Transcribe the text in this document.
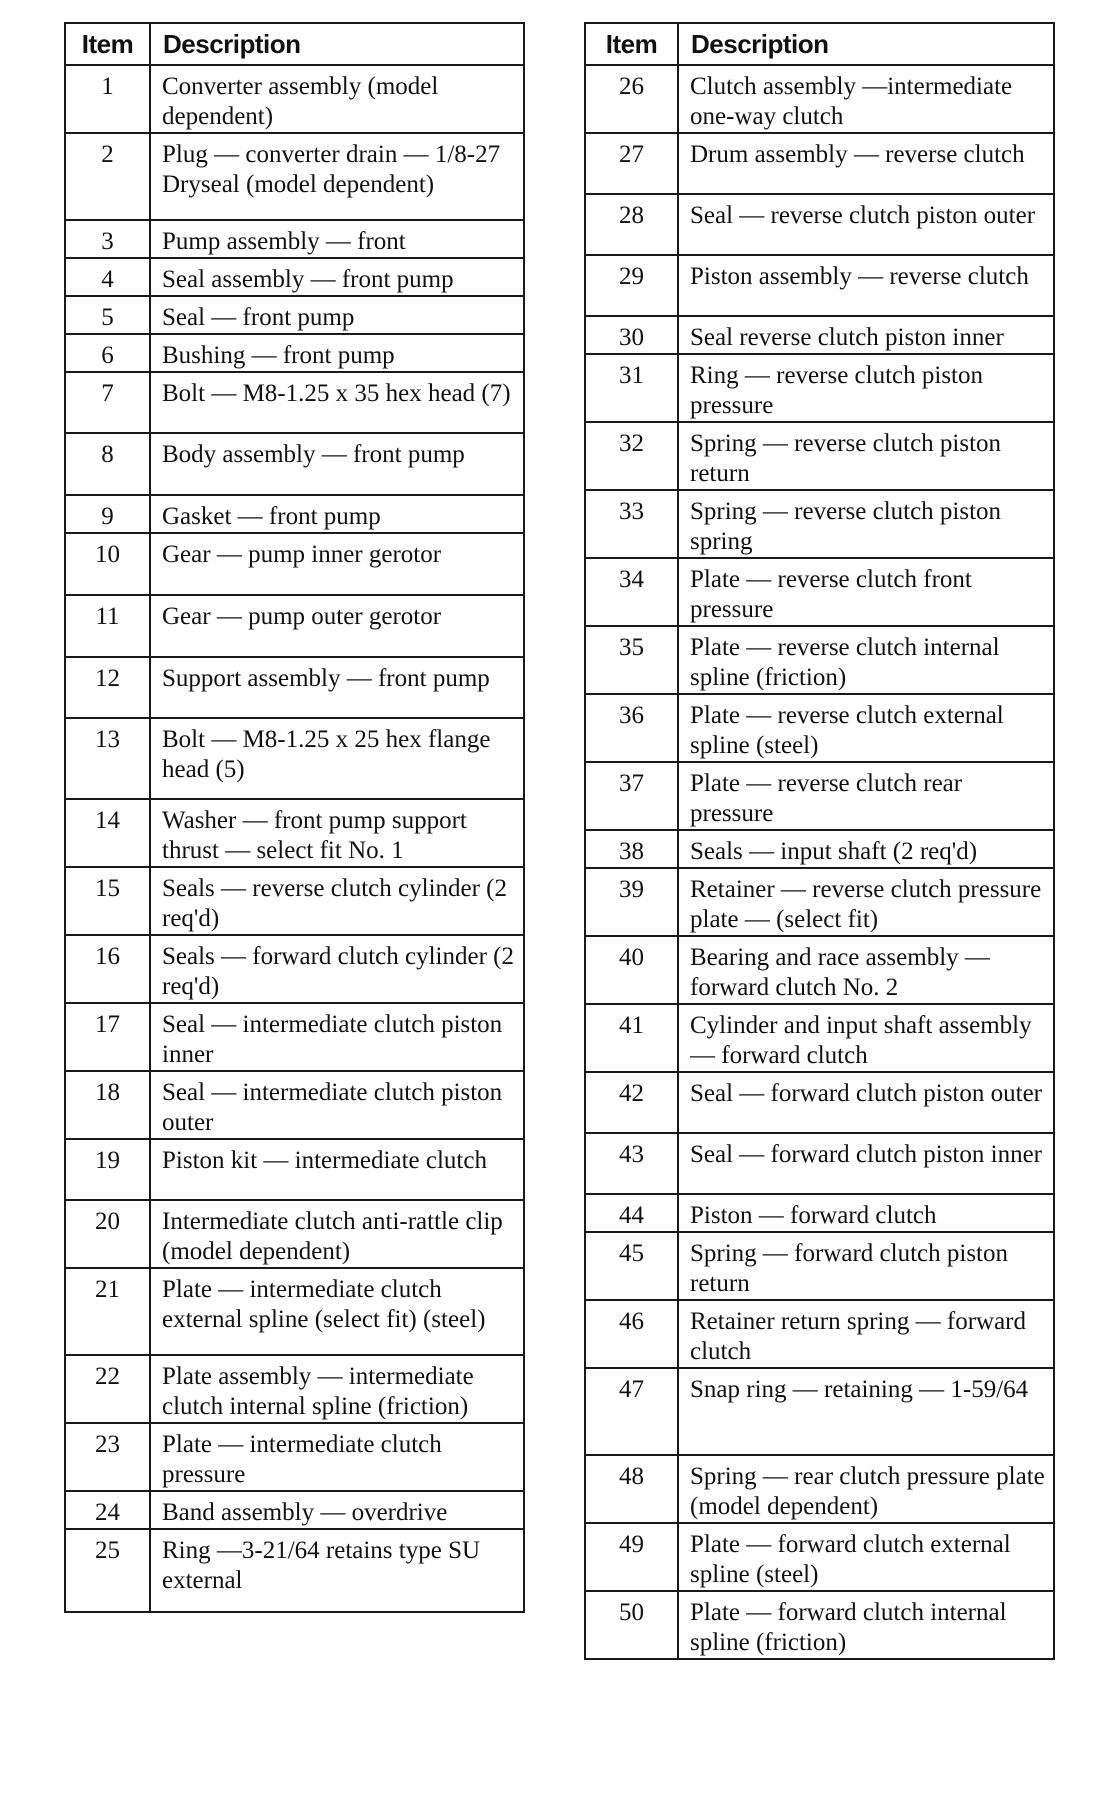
Item	Description
1	Converter assembly (model dependent)
2	Plug — converter drain — 1/8-27 Dryseal (model dependent)
3	Pump assembly — front
4	Seal assembly — front pump
5	Seal — front pump
6	Bushing — front pump
7	Bolt — M8-1.25 x 35 hex head (7)
8	Body assembly — front pump
9	Gasket — front pump
10	Gear — pump inner gerotor
11	Gear — pump outer gerotor
12	Support assembly — front pump
13	Bolt — M8-1.25 x 25 hex flange head (5)
14	Washer — front pump support thrust — select fit No. 1
15	Seals — reverse clutch cylinder (2 req'd)
16	Seals — forward clutch cylinder (2 req'd)
17	Seal — intermediate clutch piston inner
18	Seal — intermediate clutch piston outer
19	Piston kit — intermediate clutch
20	Intermediate clutch anti-rattle clip (model dependent)
21	Plate — intermediate clutch external spline (select fit) (steel)
22	Plate assembly — intermediate clutch internal spline (friction)
23	Plate — intermediate clutch pressure
24	Band assembly — overdrive
25	Ring —3-21/64 retains type SU external
Item	Description
26	Clutch assembly —intermediate one-way clutch
27	Drum assembly — reverse clutch
28	Seal — reverse clutch piston outer
29	Piston assembly — reverse clutch
30	Seal reverse clutch piston inner
31	Ring — reverse clutch piston pressure
32	Spring — reverse clutch piston return
33	Spring — reverse clutch piston spring
34	Plate — reverse clutch front pressure
35	Plate — reverse clutch internal spline (friction)
36	Plate — reverse clutch external spline (steel)
37	Plate — reverse clutch rear pressure
38	Seals — input shaft (2 req'd)
39	Retainer — reverse clutch pressure plate — (select fit)
40	Bearing and race assembly — forward clutch No. 2
41	Cylinder and input shaft assembly — forward clutch
42	Seal — forward clutch piston outer
43	Seal — forward clutch piston inner
44	Piston — forward clutch
45	Spring — forward clutch piston return
46	Retainer return spring — forward clutch
47	Snap ring — retaining — 1-59/64
48	Spring — rear clutch pressure plate (model dependent)
49	Plate — forward clutch external spline (steel)
50	Plate — forward clutch internal spline (friction)
